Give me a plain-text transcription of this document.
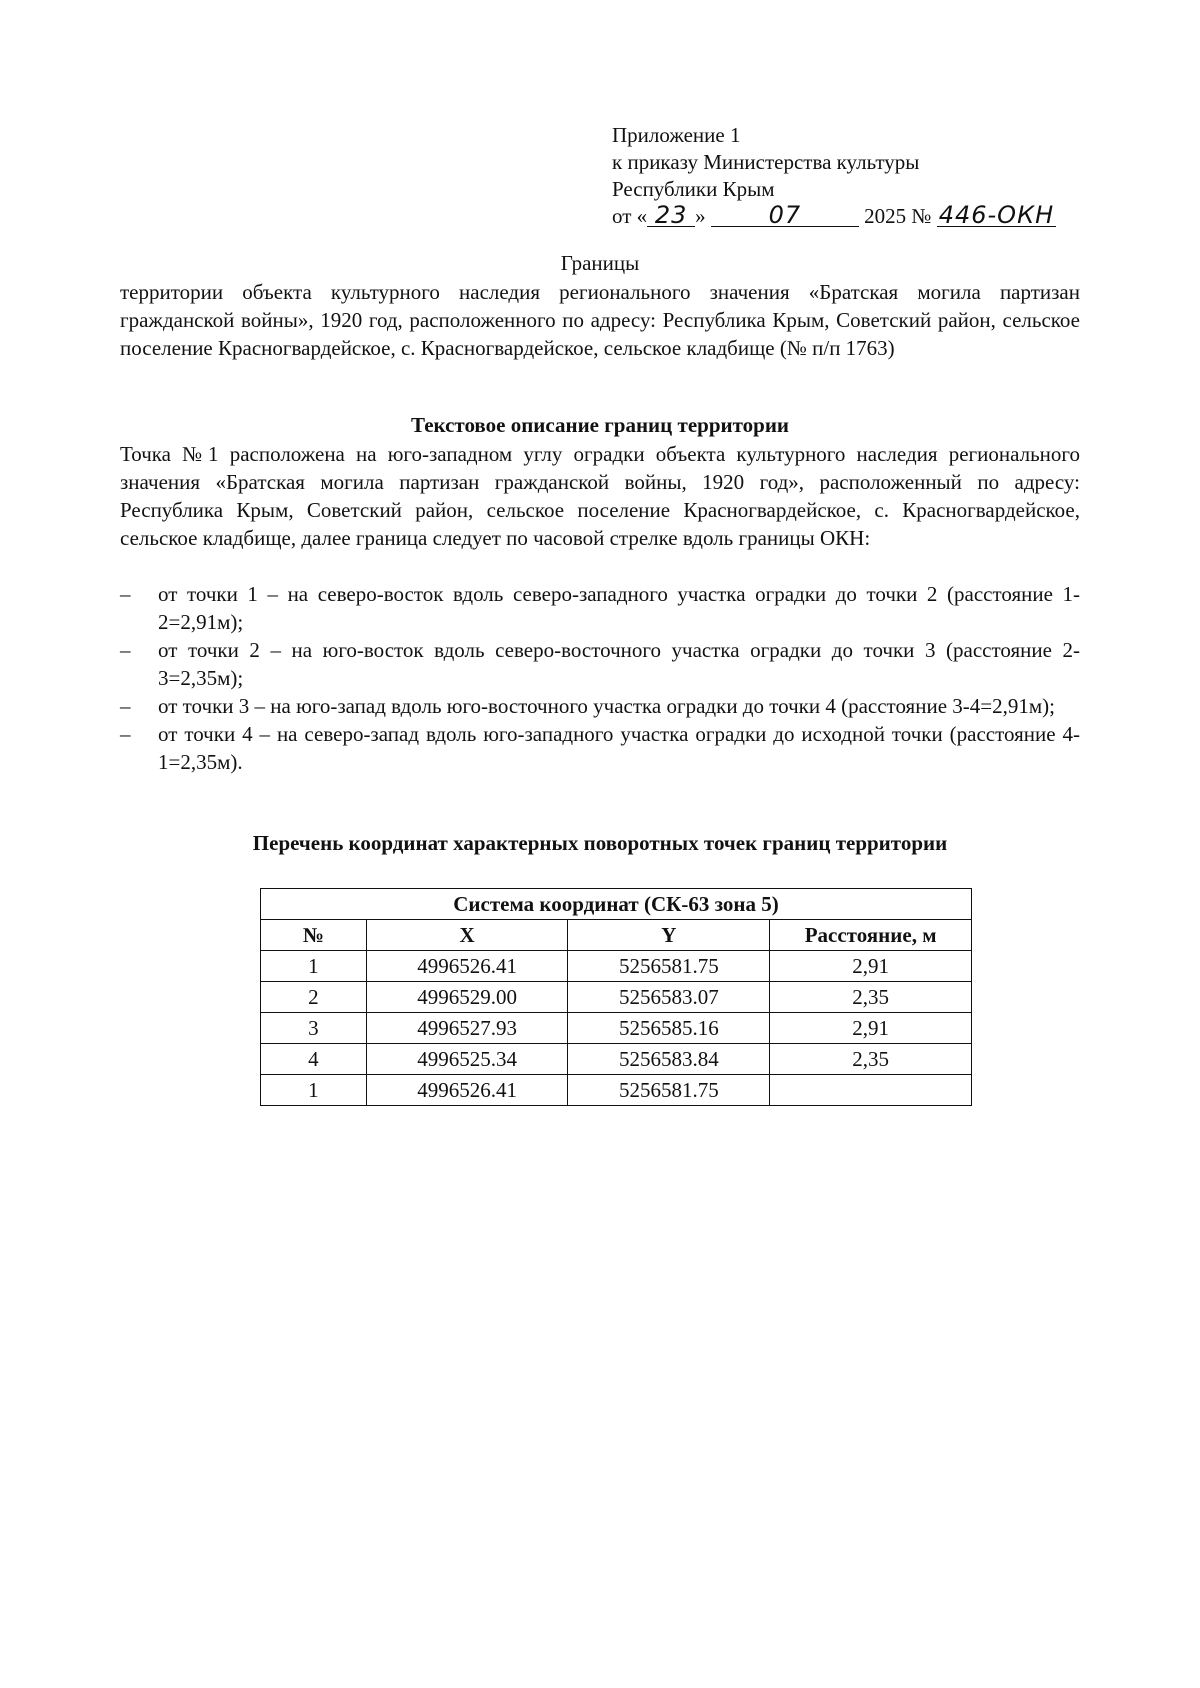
Приложение 1
к приказу Министерства культуры
Республики Крым
от « 23 »	07	2025 № 446-ОКН
Границы
территории объекта культурного наследия регионального значения «Братская могила партизан гражданской войны», 1920 год, расположенного по адресу: Республика Крым, Советский район, сельское поселение Красногвардейское, с. Красногвардейское, сельское кладбище (№ п/п 1763)
Текстовое описание границ территории
Точка №1 расположена на юго-западном углу оградки объекта культурного наследия регионального значения «Братская могила партизан гражданской войны, 1920 год», расположенный по адресу: Республика Крым, Советский район, сельское поселение Красногвардейское, с. Красногвардейское, сельское кладбище, далее граница следует по часовой стрелке вдоль границы ОКН:
– от точки 1 – на северо-восток вдоль северо-западного участка оградки до точки 2 (расстояние 1-2=2,91м);
– от точки 2 – на юго-восток вдоль северо-восточного участка оградки до точки 3 (расстояние 2-3=2,35м);
– от точки 3 – на юго-запад вдоль юго-восточного участка оградки до точки 4 (расстояние 3-4=2,91м);
– от точки 4 – на северо-запад вдоль юго-западного участка оградки до исходной точки (расстояние 4-1=2,35м).
Перечень координат характерных поворотных точек границ территории
Система координат (СК-63 зона 5)			
№	X	Y	Расстояние, м
1	4996526.41	5256581.75	2,91
2	4996529.00	5256583.07	2,35
3	4996527.93	5256585.16	2,91
4	4996525.34	5256583.84	2,35
1	4996526.41	5256581.75	
